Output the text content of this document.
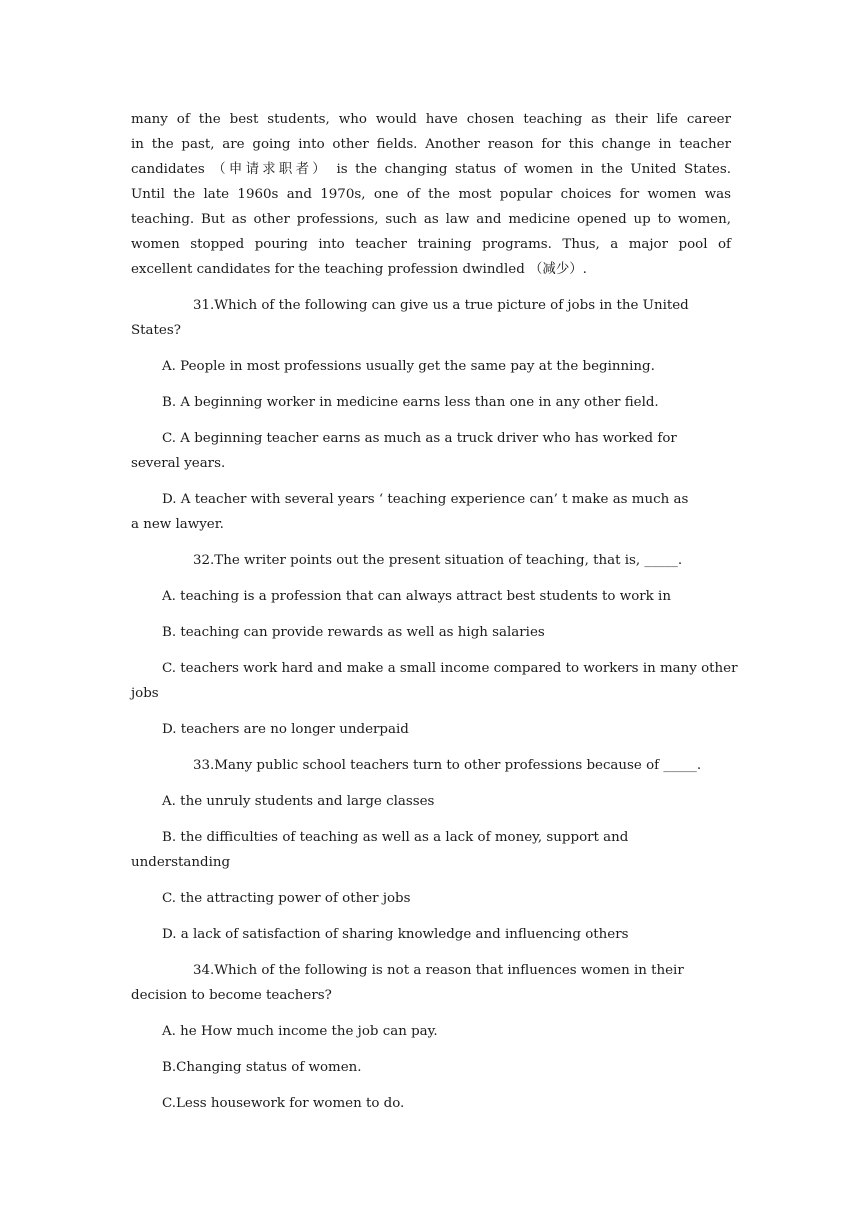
many of the best students, who would have chosen teaching as their life career
in the past, are going into other fields. Another reason for this change in teacher
candidates （申请求职者） is the changing status of women in the United States.
Until the late 1960s and 1970s, one of the most popular choices for women was
teaching. But as other professions, such as law and medicine opened up to women,
women stopped pouring into teacher training programs. Thus, a major pool of
excellent candidates for the teaching profession dwindled （减少）.
31.Which of the following can give us a true picture of jobs in the United
States?
A. People in most professions usually get the same pay at the beginning.
B. A beginning worker in medicine earns less than one in any other field.
C. A beginning teacher earns as much as a truck driver who has worked for
several years.
D. A teacher with several years ‘ teaching experience can’ t make as much as
a new lawyer.
32.The writer points out the present situation of teaching, that is, _____.
A. teaching is a profession that can always attract best students to work in
B. teaching can provide rewards as well as high salaries
C. teachers work hard and make a small income compared to workers in many other
jobs
D. teachers are no longer underpaid
33.Many public school teachers turn to other professions because of _____.
A. the unruly students and large classes
B. the difficulties of teaching as well as a lack of money, support and
understanding
C. the attracting power of other jobs
D. a lack of satisfaction of sharing knowledge and influencing others
34.Which of the following is not a reason that influences women in their
decision to become teachers?
A. he How much income the job can pay.
B.Changing status of women.
C.Less housework for women to do.
